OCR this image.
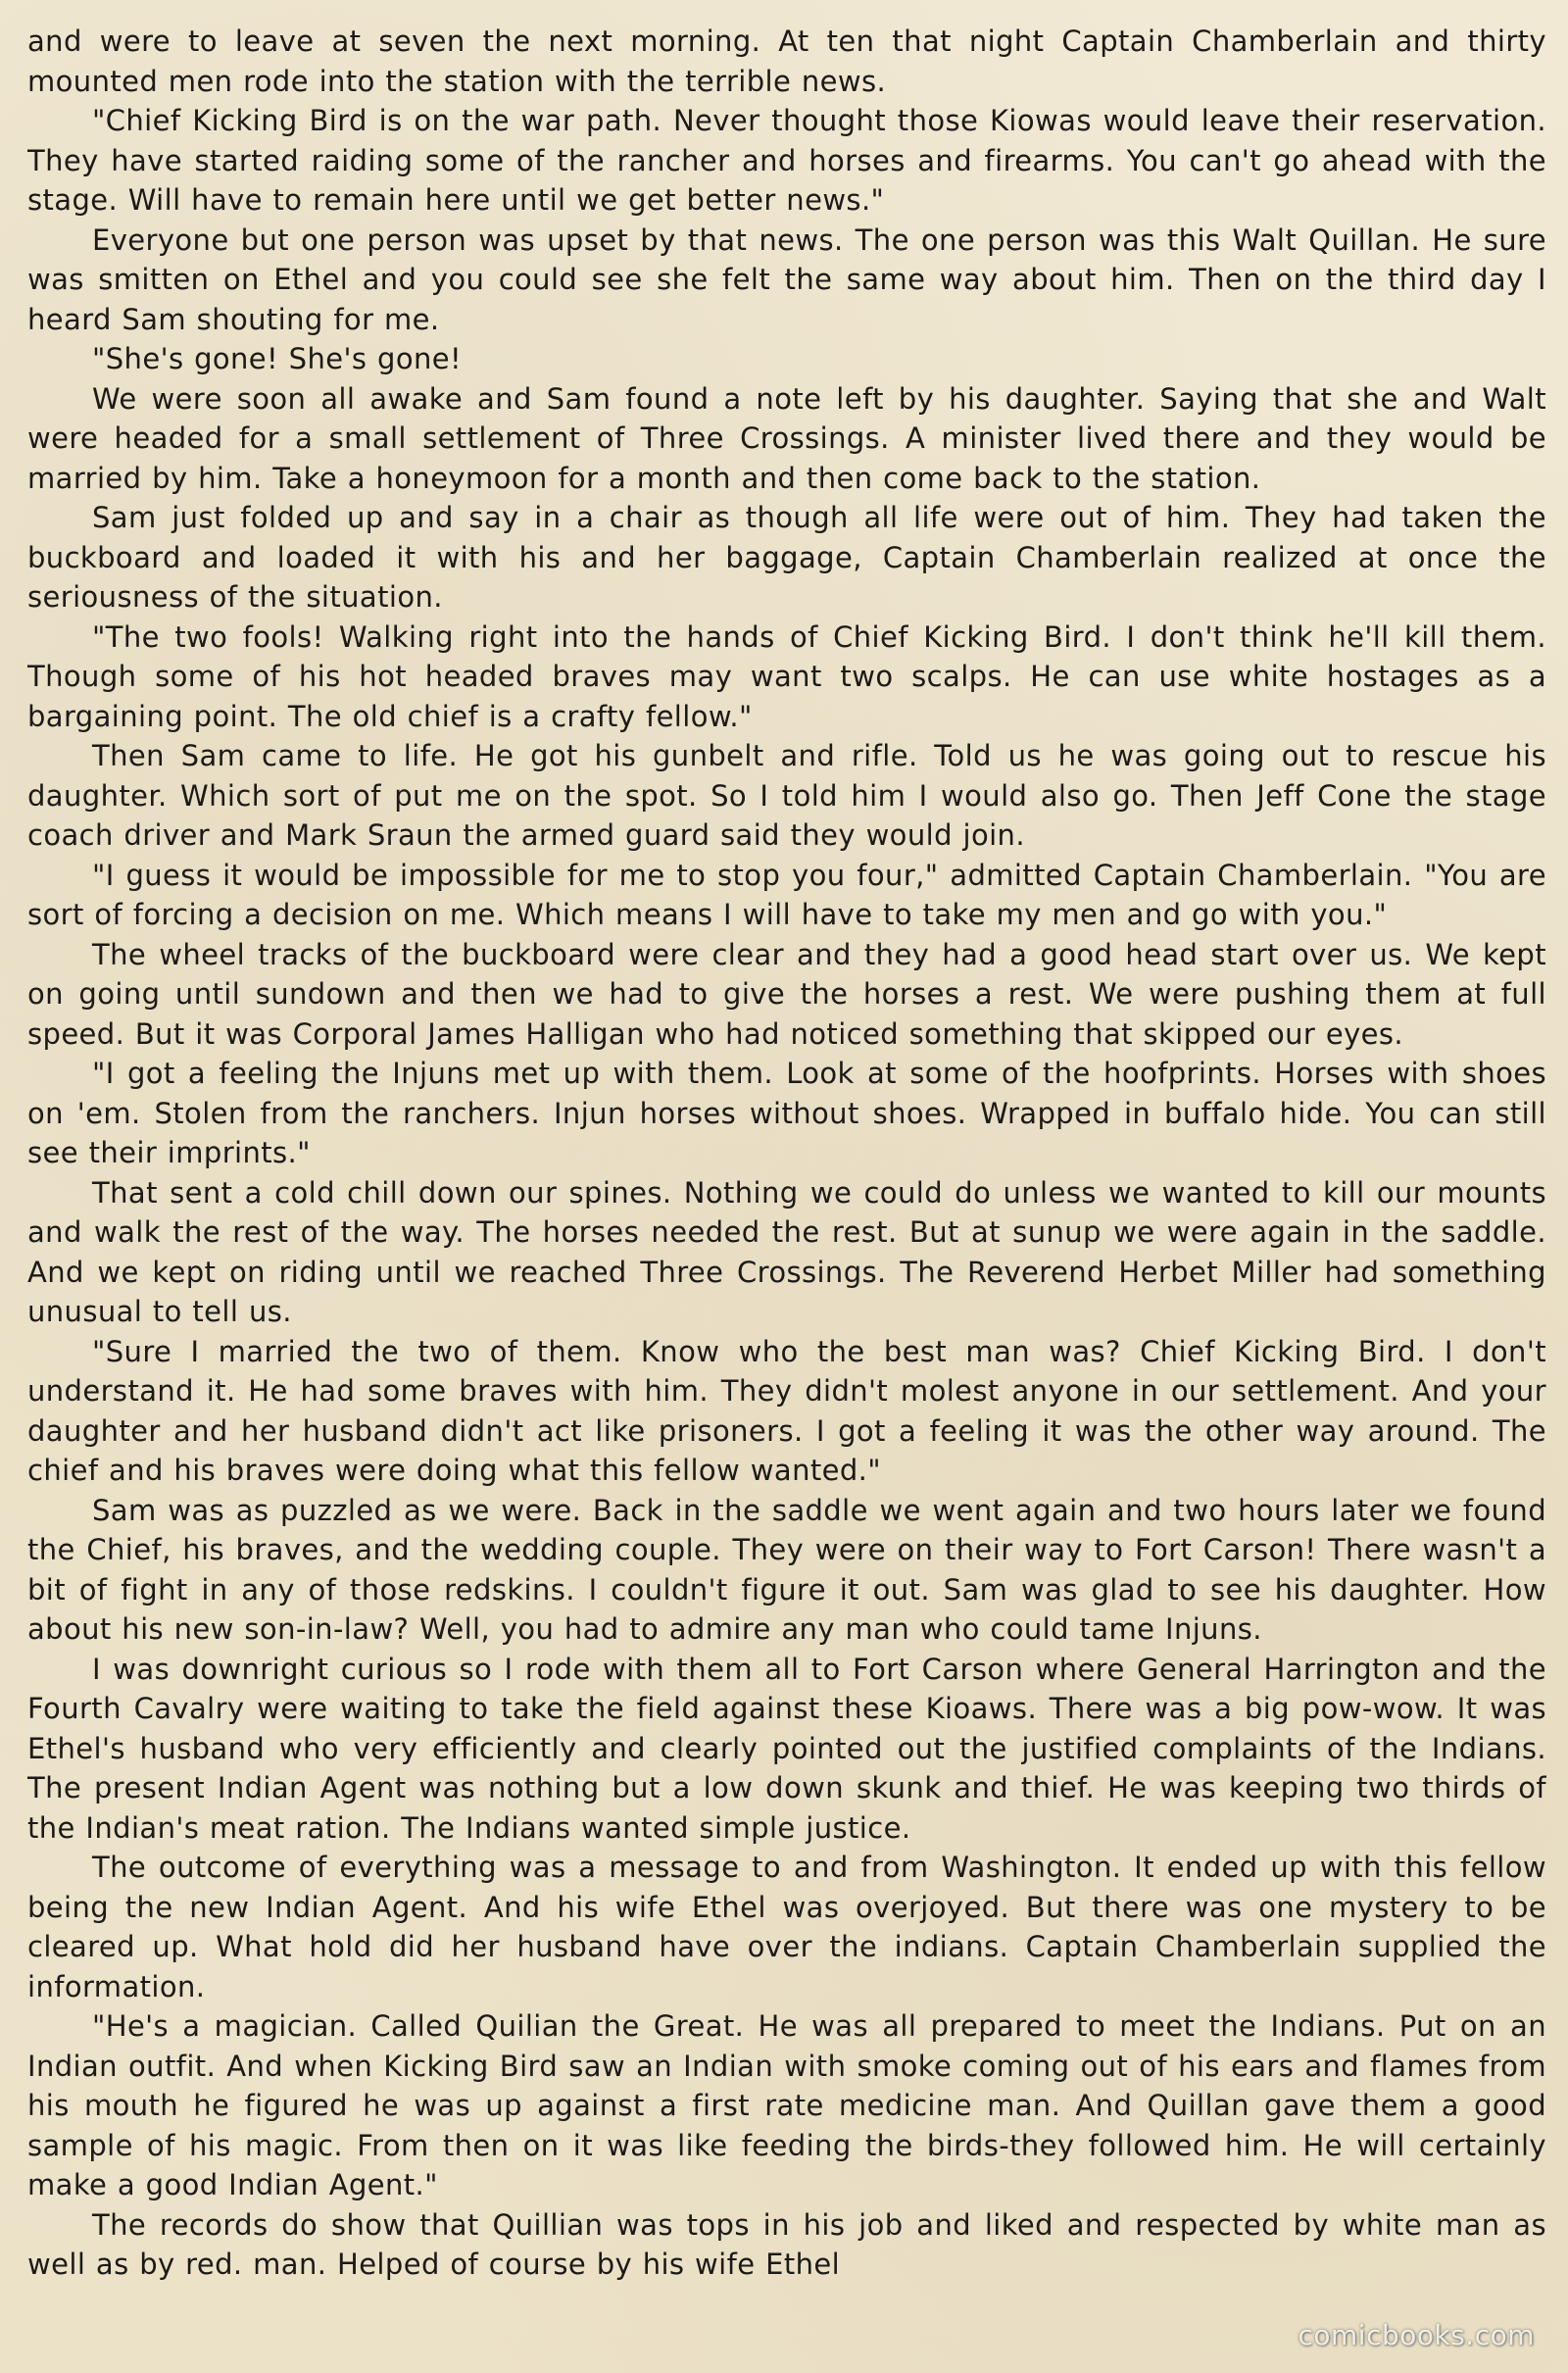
and were to leave at seven the next morning. At ten that night Captain Chamberlain and thirty mounted men rode into the station with the terrible news.

"Chief Kicking Bird is on the war path. Never thought those Kiowas would leave their reservation. They have started raiding some of the rancher and horses and firearms. You can't go ahead with the stage. Will have to remain here until we get better news."

Everyone but one person was upset by that news. The one person was this Walt Quillan. He sure was smitten on Ethel and you could see she felt the same way about him. Then on the third day I heard Sam shouting for me.

"She's gone! She's gone!

We were soon all awake and Sam found a note left by his daughter. Saying that she and Walt were headed for a small settlement of Three Crossings. A minister lived there and they would be married by him. Take a honeymoon for a month and then come back to the station.

Sam just folded up and say in a chair as though all life were out of him. They had taken the buckboard and loaded it with his and her baggage, Captain Chamberlain realized at once the seriousness of the situation.

"The two fools! Walking right into the hands of Chief Kicking Bird. I don't think he'll kill them. Though some of his hot headed braves may want two scalps. He can use white hostages as a bargaining point. The old chief is a crafty fellow."

Then Sam came to life. He got his gunbelt and rifle. Told us he was going out to rescue his daughter. Which sort of put me on the spot. So I told him I would also go. Then Jeff Cone the stage coach driver and Mark Sraun the armed guard said they would join.

"I guess it would be impossible for me to stop you four," admitted Captain Chamberlain. "You are sort of forcing a decision on me. Which means I will have to take my men and go with you."

The wheel tracks of the buckboard were clear and they had a good head start over us. We kept on going until sundown and then we had to give the horses a rest. We were pushing them at full speed. But it was Corporal James Halligan who had noticed something that skipped our eyes.

"I got a feeling the Injuns met up with them. Look at some of the hoofprints. Horses with shoes on 'em. Stolen from the ranchers. Injun horses without shoes. Wrapped in buffalo hide. You can still see their imprints."

That sent a cold chill down our spines. Nothing we could do unless we wanted to kill our mounts and walk the rest of the way. The horses needed the rest. But at sunup we were again in the saddle. And we kept on riding until we reached Three Crossings. The Reverend Herbet Miller had something unusual to tell us.

"Sure I married the two of them. Know who the best man was? Chief Kicking Bird. I don't understand it. He had some braves with him. They didn't molest anyone in our settlement. And your daughter and her husband didn't act like prisoners. I got a feeling it was the other way around. The chief and his braves were doing what this fellow wanted."

Sam was as puzzled as we were. Back in the saddle we went again and two hours later we found the Chief, his braves, and the wedding couple. They were on their way to Fort Carson! There wasn't a bit of fight in any of those redskins. I couldn't figure it out. Sam was glad to see his daughter. How about his new son-in-law? Well, you had to admire any man who could tame Injuns.

I was downright curious so I rode with them all to Fort Carson where General Harrington and the Fourth Cavalry were waiting to take the field against these Kioaws. There was a big pow-wow. It was Ethel's husband who very efficiently and clearly pointed out the justified complaints of the Indians. The present Indian Agent was nothing but a low down skunk and thief. He was keeping two thirds of the Indian's meat ration. The Indians wanted simple justice.

The outcome of everything was a message to and from Washington. It ended up with this fellow being the new Indian Agent. And his wife Ethel was overjoyed. But there was one mystery to be cleared up. What hold did her husband have over the indians. Captain Chamberlain supplied the information.

"He's a magician. Called Quilian the Great. He was all prepared to meet the Indians. Put on an Indian outfit. And when Kicking Bird saw an Indian with smoke coming out of his ears and flames from his mouth he figured he was up against a first rate medicine man. And Quillan gave them a good sample of his magic. From then on it was like feeding the birds-they followed him. He will certainly make a good Indian Agent."

The records do show that Quillian was tops in his job and liked and respected by white man as well as by red. man. Helped of course by his wife Ethel

comicbooks.com
